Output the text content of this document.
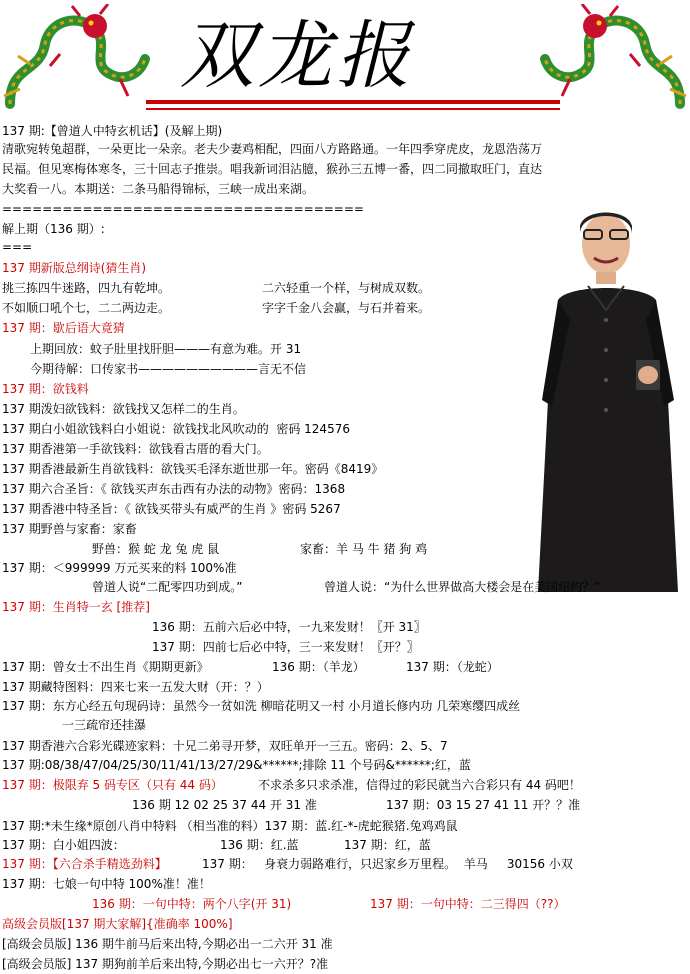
双龙报
137 期:【曾道人中特玄机话】(及解上期)
清歌宛转兔超群，一朵更比一朵亲。老夫少妻鸡相配，四面八方路路通。一年四季穿虎皮，龙恩浩荡万
民福。但见寒梅体寒冬，三十回志子推崇。唱我新词泪沾臆，猴孙三五博一番，四二同撤取旺门，直达
大奖看一八。本期送：二条马船得锦标，三峡一成出来湖。
====================================
解上期（136 期）:
===
137 期新版总纲诗(猜生肖)
挑三拣四牛迷路，四九有乾坤。	二六轻重一个样，与树成双数。
不如顺口吼个七，二二两边走。	字字千金八会赢，与石并着来。
137 期：歇后语大竟猜
上期回放：蚊子肚里找肝胆———有意为难。开 31
今期待解：口传家书——————————言无不信
137 期：欲钱料
137 期泼妇欲钱料：欲钱找又怎样二的生肖。
137 期白小姐欲钱料白小姐说：欲钱找北风吹动的  密码 124576
137 期香港第一手欲钱料：欲钱看古厝的看大门。
137 期香港最新生肖欲钱料：欲钱买毛泽东逝世那一年。密码《8419》
137 期六合圣旨：《 欲钱买声东击西有办法的动物》密码：1368
137 期香港中特圣旨：《 欲钱买带头有威严的生肖 》密码 5267
137 期野兽与家畜：家畜
野兽：猴 蛇 龙 兔 虎 鼠	家畜：羊 马 牛 猪 狗 鸡
137 期：＜999999 万元买来的料 100%准
曾道人说“二配零四功到成。”	曾道人说：“为什么世界做高大楼会是在美国纽约？”
137 期：生肖特一玄 [推荐]
136 期：五前六后必中特，一九来发财！〖开 31〗
137 期：四前七后必中特，三一来发财！〖开？〗
137 期：曾女士不出生肖《期期更新》	136 期：（羊龙）	137 期：（龙蛇）
137 期藏特图料：四来七来一五发大财（开：？）
137 期：东方心经五句现码诗：虽然今一贫如洗 柳暗花明又一村 小月道长修内功 几荣寒缨四成丝
一三疏帘还挂瀑
137 期香港六合彩光碟迹家料：十兄二弟寻开梦，双旺单开一三五。密码：2、5、7
137 期:08/38/47/04/25/30/11/41/13/27/29&******;排除 11 个号码&******;红，蓝
137 期：极限弃 5 码专区（只有 44 码）	不求杀多只求杀准，信得过的彩民就当六合彩只有 44 码吧！
136 期 12 02 25 37 44 开 31 准	137 期：03 15 27 41 11 开？？准
137 期:*未生缘*原创八肖中特料 （相当准的料）137 期：蓝.红-*-虎蛇猴猪.兔鸡鸡鼠
137 期：白小姐四波：	136 期：红.蓝	137 期：红，蓝
137 期：【六合杀手精选劲料】	137 期：   身衰力弱路难行，只迟家乡万里程。  羊马     30156 小双
137 期：七娘一句中特 100%准！准！
136 期：一句中特：两个八字(开 31)	137 期：一句中特：二三得四（??）
高级会员版[137 期大家解]{准确率 100%]
[高级会员版] 136 期牛前马后来出特,今期必出一二六开 31 准
[高级会员版] 137 期狗前羊后来出特,今期必出七一六开？?准
